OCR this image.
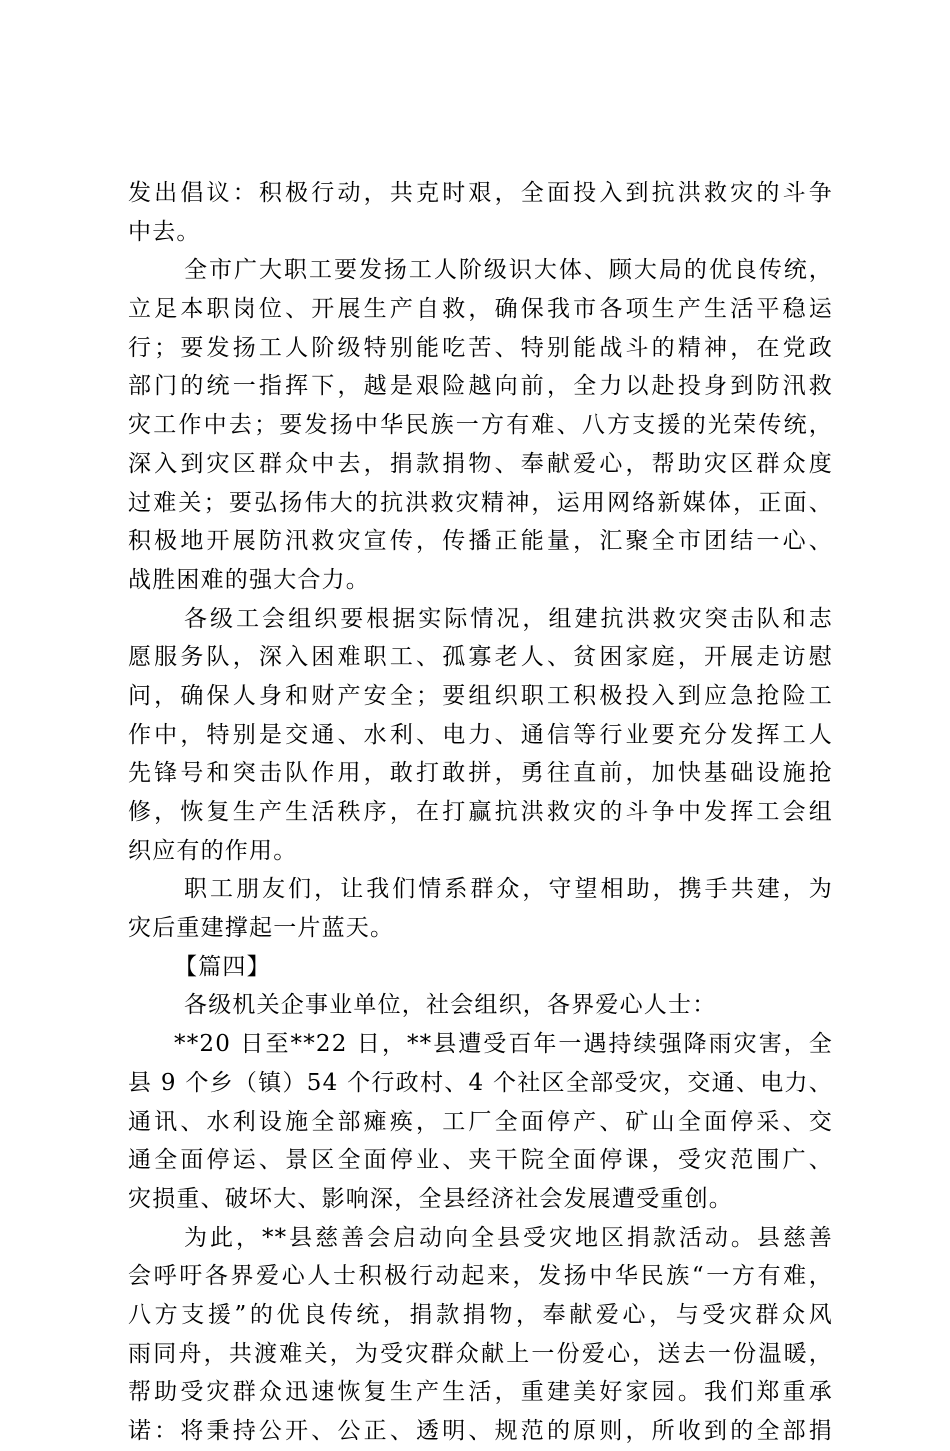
发出倡议：积极行动，共克时艰，全面投入到抗洪救灾的斗争
中去。
全市广大职工要发扬工人阶级识大体、顾大局的优良传统，
立足本职岗位、开展生产自救，确保我市各项生产生活平稳运
行；要发扬工人阶级特别能吃苦、特别能战斗的精神，在党政
部门的统一指挥下，越是艰险越向前，全力以赴投身到防汛救
灾工作中去；要发扬中华民族一方有难、八方支援的光荣传统，
深入到灾区群众中去，捐款捐物、奉献爱心，帮助灾区群众度
过难关；要弘扬伟大的抗洪救灾精神，运用网络新媒体，正面、
积极地开展防汛救灾宣传，传播正能量，汇聚全市团结一心、
战胜困难的强大合力。
各级工会组织要根据实际情况，组建抗洪救灾突击队和志
愿服务队，深入困难职工、孤寡老人、贫困家庭，开展走访慰
问，确保人身和财产安全；要组织职工积极投入到应急抢险工
作中，特别是交通、水利、电力、通信等行业要充分发挥工人
先锋号和突击队作用，敢打敢拼，勇往直前，加快基础设施抢
修，恢复生产生活秩序，在打赢抗洪救灾的斗争中发挥工会组
织应有的作用。
职工朋友们，让我们情系群众，守望相助，携手共建，为
灾后重建撑起一片蓝天。
【篇四】
各级机关企事业单位，社会组织，各界爱心人士：
**20 日至**22 日，**县遭受百年一遇持续强降雨灾害，全
县 9 个乡（镇）54 个行政村、4 个社区全部受灾，交通、电力、
通讯、水利设施全部瘫痪，工厂全面停产、矿山全面停采、交
通全面停运、景区全面停业、夹干院全面停课，受灾范围广、
灾损重、破坏大、影响深，全县经济社会发展遭受重创。
为此，**县慈善会启动向全县受灾地区捐款活动。县慈善
会呼吁各界爱心人士积极行动起来，发扬中华民族“一方有难，
八方支援”的优良传统，捐款捐物，奉献爱心，与受灾群众风
雨同舟，共渡难关，为受灾群众献上一份爱心，送去一份温暖，
帮助受灾群众迅速恢复生产生活，重建美好家园。我们郑重承
诺：将秉持公开、公正、透明、规范的原则，所收到的全部捐
